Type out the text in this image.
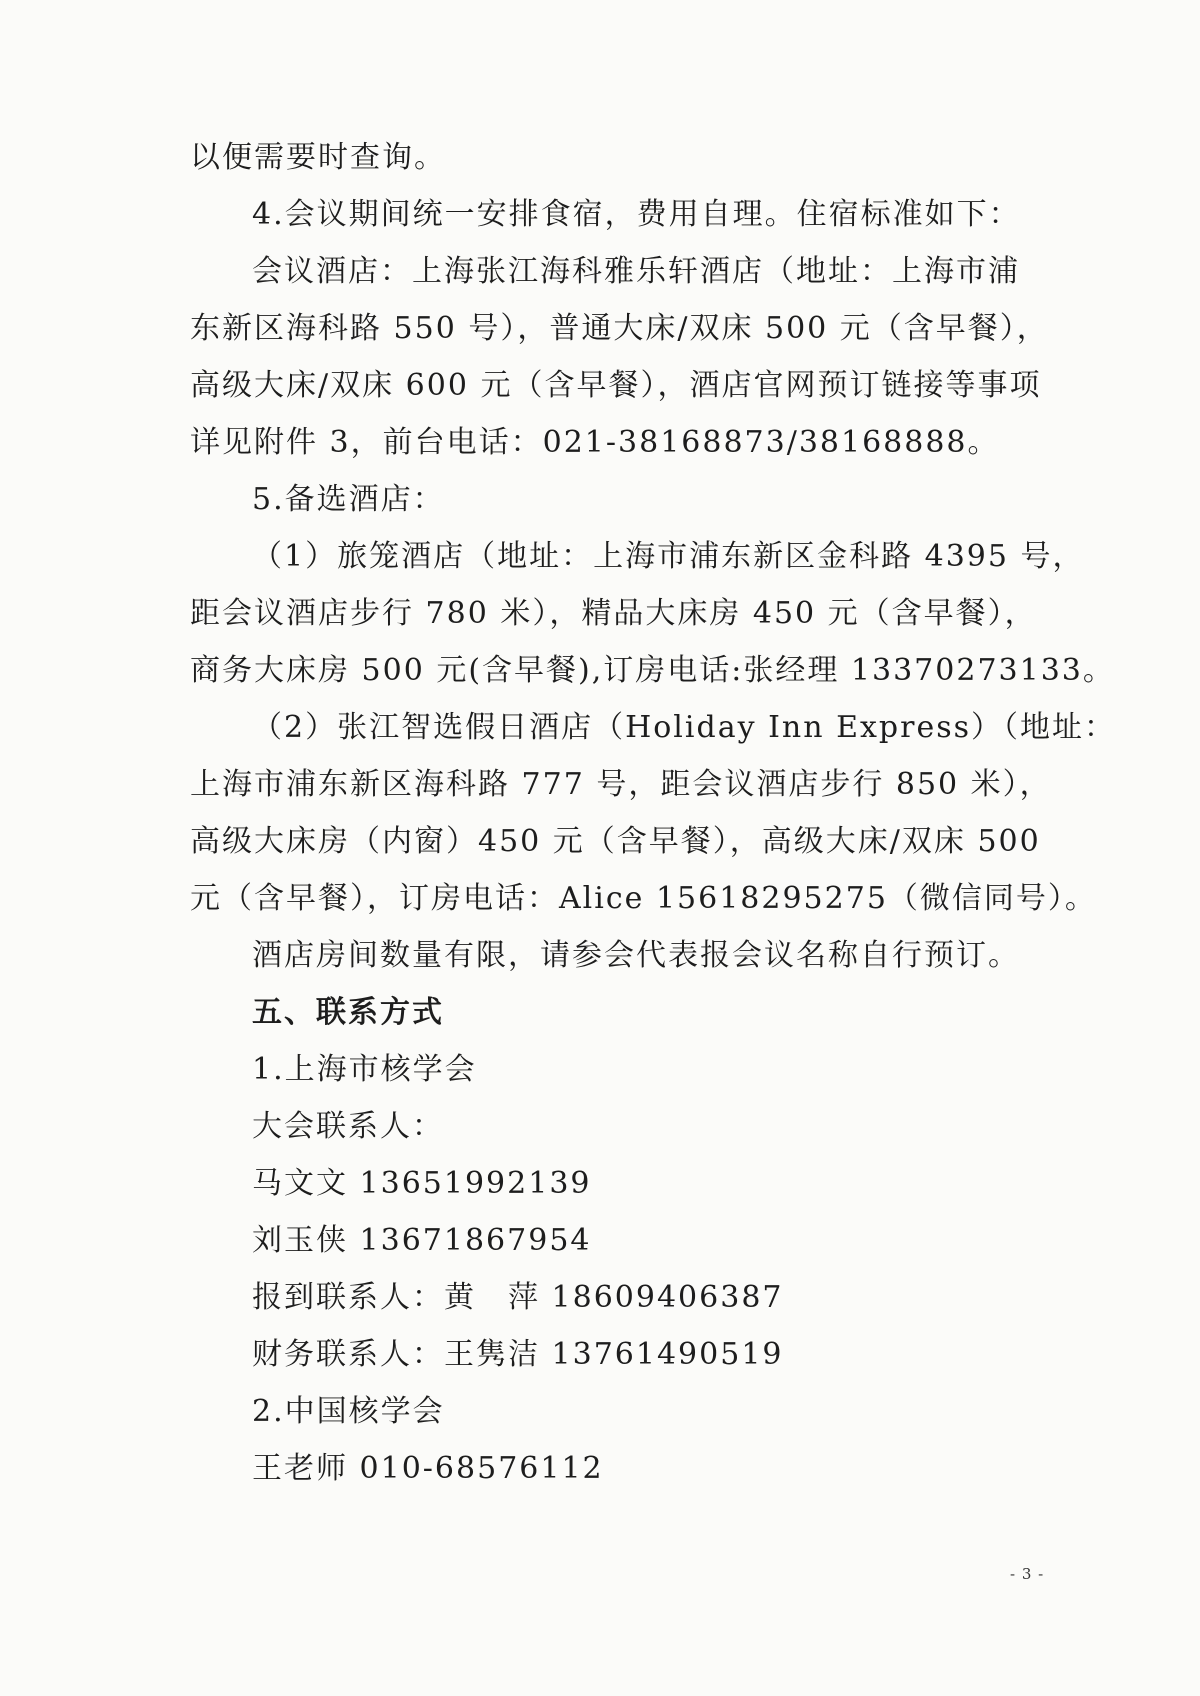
以便需要时查询。
4.会议期间统一安排食宿，费用自理。住宿标准如下：
会议酒店：上海张江海科雅乐轩酒店（地址：上海市浦
东新区海科路 550 号），普通大床/双床 500 元（含早餐），
高级大床/双床 600 元（含早餐），酒店官网预订链接等事项
详见附件 3，前台电话：021-38168873/38168888。
5.备选酒店：
（1）旅笼酒店（地址：上海市浦东新区金科路 4395 号，
距会议酒店步行 780 米），精品大床房 450 元（含早餐），
商务大床房 500 元(含早餐),订房电话:张经理 13370273133。
（2）张江智选假日酒店（Holiday Inn Express）（地址：
上海市浦东新区海科路 777 号，距会议酒店步行 850 米），
高级大床房（内窗）450 元（含早餐），高级大床/双床 500
元（含早餐），订房电话：Alice 15618295275（微信同号）。
酒店房间数量有限，请参会代表报会议名称自行预订。
五、联系方式
1.上海市核学会
大会联系人：
马文文 13651992139
刘玉侠 13671867954
报到联系人：黄　萍 18609406387
财务联系人：王隽洁 13761490519
2.中国核学会
王老师 010-68576112
- 3 -
